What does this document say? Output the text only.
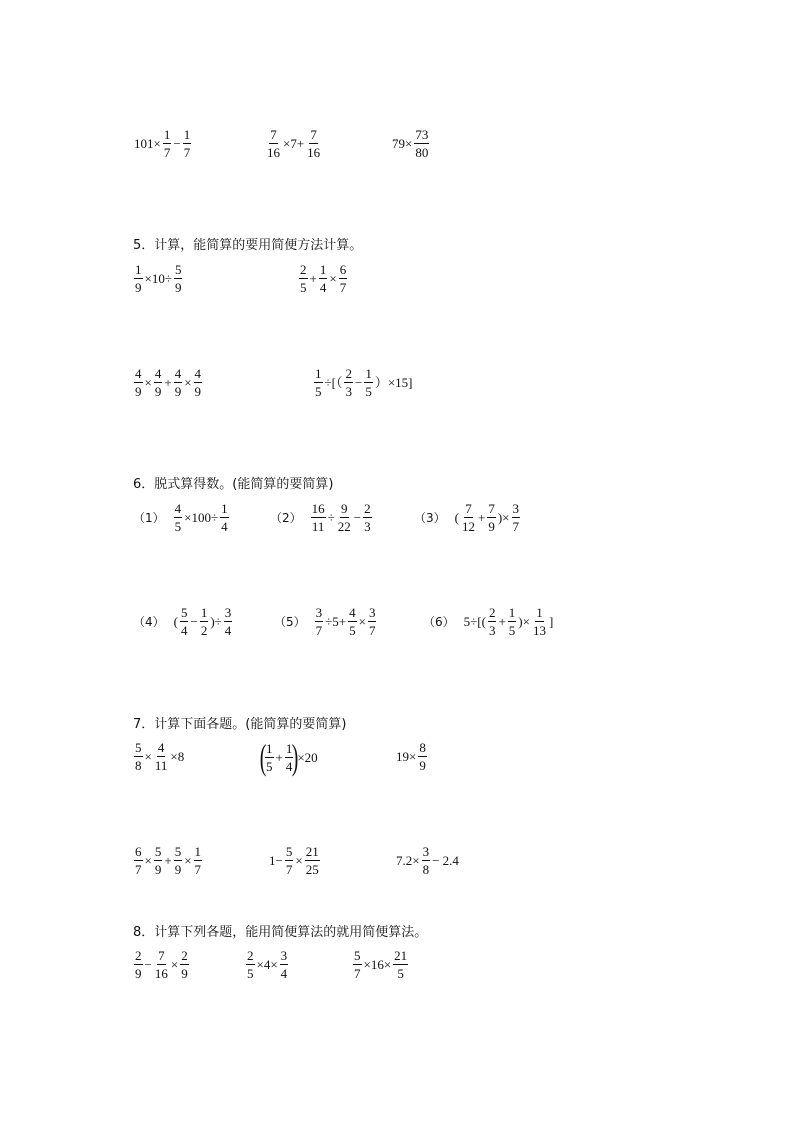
$101\times \frac{1}{7} - \frac{1}{7}$	$\frac{7}{16} \times 7+ \frac{7}{16}$	$79\times \frac{73}{80}$
5．计算，能简算的要用简便方法计算。
$\frac{1}{9} \times 10\div \frac{5}{9}$	$\frac{2}{5} + \frac{1}{4} \times \frac{6}{7}$
$\frac{4}{9} \times \frac{4}{9} + \frac{4}{9} \times \frac{4}{9}$	$\frac{1}{5}$ ÷[（ $\frac{2}{3} - \frac{1}{5} )\times 15$]
6．脱式算得数。(能简算的要简算)
$(1) \frac{4}{5} \times 100\div \frac{1}{4}$	$(2) \frac{16}{11} \div \frac{9}{22} - \frac{2}{3}$	（3） ( $\frac{7}{12} + \frac{7}{9}$ )× $\frac{3}{7}$
（4） ( $\frac{5}{4} - \frac{1}{2}$ )÷ $\frac{3}{4}$	$(5) \frac{3}{7} \div 5+ \frac{4}{5} \times \frac{3}{7}$	（6） $5\div[( \frac{2}{3} + \frac{1}{5}$ )× $\frac{1}{13}$ ]
7．计算下面各题。(能简算的要简算)
$\frac{5}{8} \times \frac{4}{11} \times 8$ (
$\frac{1}{5} + \frac{1}{4}$
)
×20	$19\times \frac{8}{9}$
$\frac{6}{7} \times \frac{5}{9} + \frac{5}{9} \times \frac{1}{7}$	$1- \frac{5}{7} \times \frac{21}{25}$	$7.2\times \frac{3}{8} - 2.4$
8．计算下列各题，能用简便算法的就用简便算法。
$\frac{2}{9} - \frac{7}{16} \times \frac{2}{9}$	$\frac{2}{5} \times 4\times \frac{3}{4}$	$\frac{5}{7} \times 16\times \frac{21}{5}$
